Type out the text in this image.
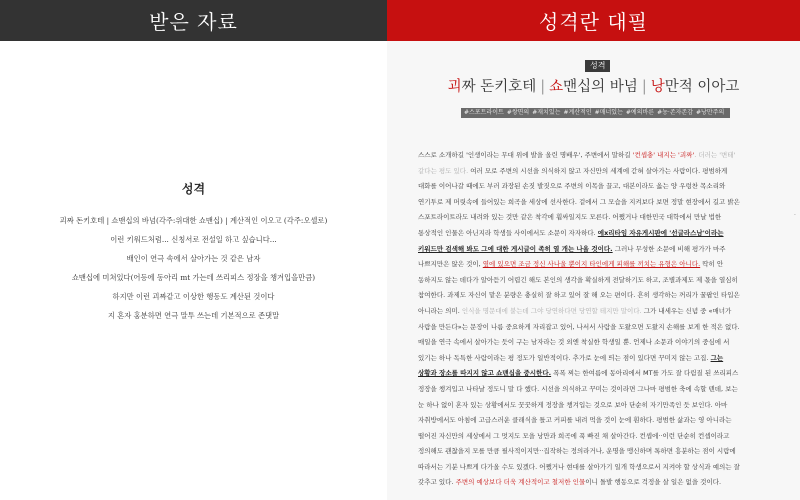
받은 자료
성격
괴짜 돈키호테 | 쇼맨십의 바넘(각주:위대한 쇼맨십) | 계산적인 이오고 (각주:오셀로)
이런 키워드처럼... 신칭서로 전설일 하고 싶습니다...
배인이 연극 속에서 살아가는 것 같은 남자
쇼맨십에 미쳐있다(어등에 동아리 mt 가는데 쓰리피스 정장을 챙겨입을만큼)
하지만 이런 괴짜같고 이상한 행동도 계산된 것이다
지 혼자 홍분하면 연극 말투 쓰는데 기본적으로 존댓말
성격란 대필
성격
괴짜 돈키호테 | 쇼맨십의 바넘 | 낭만적 이아고
#스포트라이트 #쌍면의 #재치있는 #계산적인 #매너있는 #예의바른 #농·존자존감 #낭만주의
스스로 소개하길 '인생이라는 무대 위에 발을 올린 명배우', 주변에서 말하길 '컨셉충' 내지는 '괴짜'. 더러는 '변태'
같다는 평도 있다. 여러 모로 주변의 시선을 의식하지 않고 자신만의 세계에 갇혀 살아가는 사람이다. 평범하게
대화를 이어나갈 때에도 부러 과장된 손짓 발짓으로 주변의 이목을 끌고, 대본이라도 옳는 양 우렁찬 목소리와
연기투로 제 머릿속에 들어있는 희곡을 세상에 선사한다. 겉에서 그 모습을 지켜보다 보면 정말 현장에서 길고 밝은
스포트라이트라도 내려와 있는 것만 같은 착각에 휩싸일지도 모른다. 어쨌거나 대한민국 대학에서 만날 법한
통상적인 인물은 아닌지라 학생들 사이에서도 소문이 자자하다. 에x리타임 자유게시판에 '선글라스남'이라는
키워드만 검색해 봐도 그에 대한 게시글이 족히 열 개는 나올 것이다. 그러나 무성한 소문에 비해 평가가 마주
나쁘지만은 않은 것이, 옆에 있으면 조금 정신 사나울 뿐이지 타인에게 피해를 끼치는 유형은 아니다. 딱히 안
동하지도 않는 데다가 알아듣기 어렵긴 해도 본인의 생각을 확실하게 전달하기도 하고, 조별과제도 제 몫을 열심히
참여한다. 과제도 자신이 맡은 분량은 충실히 잘 하고 있어 잘 해 오는 편이다. 흔히 생각하는 꺼리가 꿀팝인 타입은
아니라는 의미. 인식을 명문대에 붙는데 그야 당연하다면 당연할 테지만 말이다. 그가 내세우는 신념 중 «매너가
사람을 만든다»는 문장이 나름 중요하게 자리잡고 있어, 나서서 사람을 도왔으면 도왔지 손해를 보게 한 적은 없다.
매일을 연극 속에서 살아가는 듯이 구는 남자라는 것 외엔 착실한 학생일 뿐. 언제나 소문과 이야기의 중심에 서
있기는 하나 독특한 사람이라는 평 정도가 일반적이다. 추가로 눈에 띄는 점이 있다면 꾸미지 않는 고집. 그는
상황과 장소를 따지지 않고 쇼맨십을 중시한다. 폭폭 찌는 한여름에 동아리에서 MT를 가도 잘 다림질 된 쓰리피스
정장을 챙겨입고 나타날 정도니 말 다 했다. 시선을 의식하고 꾸미는 것이라면 그나마 평범한 축에 속할 텐데, 보는
눈 하나 없이 혼자 있는 상황에서도 꿋꿋하게 정장을 챙겨입는 것으로 보아 단순히 자기만족인 듯 보인다. 아마
자취방에서도 아침에 고급스러운 클래식을 틀고 커피를 내려 먹을 것이 눈에 훤하다. 평범한 삶과는 영 아니라는
떨어진 자신만의 세상에서 그 멋지도 모을 낭만과 희곡에 푹 빠진 채 살아간다. 컨셉에··이런 단순히 컨셉이라고
정의해도 괜찮을지 모를 만큼 필사적이지만··집작하는 정의라거나, 운명을 맹신하며 톡하면 흥분하는 점이 시람에
따라서는 기분 나쁘게 다가올 수도 있겠다. 어쨌거나 현대를 살아가기 일개 학생으로서 지켜야 할 상식과 예의는 잘
갖추고 있다. 주변의 예상보다 더욱 계산적이고 철저한 인물이니 돌발 행동으로 걱정을 살 일은 없을 것이다.
·
